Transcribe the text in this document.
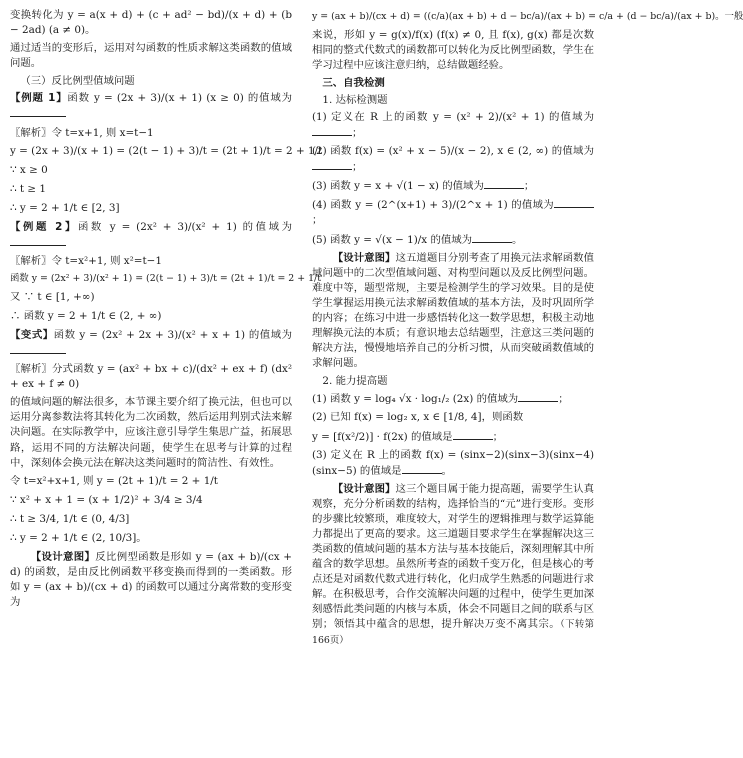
变换转化为 y = a(x + d) + (c + ad² − bd)/(x + d) + (b − 2ad) (a ≠ 0)。

通过适当的变形后，运用对勾函数的性质求解这类函数的值域问题。

（三）反比例型值域问题

【例题 1】函数 y = (2x + 3)/(x + 1) (x ≥ 0) 的值域为

〖解析〗令 t=x+1, 则 x=t−1

y = (2x + 3)/(x + 1) = (2(t − 1) + 3)/t = (2t + 1)/t = 2 + 1/t
∵ x ≥ 0
∴ t ≥ 1
∴ y = 2 + 1/t ∈ [2, 3]

【例题 2】函数 y = (2x² + 3)/(x² + 1) 的值域为

〖解析〗令 t=x²+1, 则 x²=t−1

函数 y = (2x² + 3)/(x² + 1) = (2(t − 1) + 3)/t = (2t + 1)/t = 2 + 1/t
又 ∵ t ∈ [1, +∞)
∴ 函数 y = 2 + 1/t ∈ (2, + ∞)

【变式】函数 y = (2x² + 2x + 3)/(x² + x + 1) 的值域为

〖解析〗分式函数 y = (ax² + bx + c)/(dx² + ex + f) (dx² + ex + f ≠ 0)

的值域问题的解法很多，本节课主要介绍了换元法，但也可以运用分离参数法将其转化为二次函数，然后运用判别式法来解决问题。在实际教学中，应该注意引导学生集思广益，拓展思路，运用不同的方法解决问题，使学生在思考与计算的过程中，深刻体会换元法在解决这类问题时的简洁性、有效性。

令 t=x²+x+1, 则 y = (2t + 1)/t = 2 + 1/t
∵ x² + x + 1 = (x + 1/2)² + 3/4 ≥ 3/4
∴ t ≥ 3/4, 1/t ∈ (0, 4/3]
∴ y = 2 + 1/t ∈ (2, 10/3]。

【设计意图】反比例型函数是形如 y = (ax + b)/(cx + d) 的函数，是由反比例函数平移变换而得到的一类函数。形如 y = (ax + b)/(cx + d) 的函数可以通过分离常数的变形变为

y = (ax + b)/(cx + d) = ((c/a)(ax + b) + d − bc/a)/(ax + b) = c/a + (d − bc/a)/(ax + b)。一般

来说，形如 y = g(x)/f(x) (f(x) ≠ 0, 且 f(x), g(x) 都是次数相同的整式代数式的函数都可以转化为反比例型函数，学生在学习过程中应该注意归纳，总结做题经验。

三、自我检测
1. 达标检测题

(1) 定义在 R 上的函数 y = (x² + 2)/(x² + 1) 的值域为；

(2) 函数 f(x) = (x² + x − 5)/(x − 2), x ∈ (2, ∞) 的值域为；

(3) 函数 y = x + √(1 − x) 的值域为	；

(4) 函数 y = (2^(x+1) + 3)/(2^x + 1) 的值域为；

(5) 函数 y = √(x − 1)/x 的值域为	。

【设计意图】这五道题目分别考查了用换元法求解函数值域问题中的二次型值域问题、对构型问题以及反比例型问题。难度中等，题型常规，主要是检测学生的学习效果。目的是使学生掌握运用换元法求解函数值域的基本方法，及时巩固所学的内容；在练习中进一步感悟转化这一数学思想，积极主动地理解换元法的本质；有意识地去总结题型，注意这三类问题的解决方法，慢慢地培养自己的分析习惯，从而突破函数值域的求解问题。

2. 能力提高题

(1) 函数 y = log₄ √x · log₁/₂ (2x) 的值域为	；

(2) 已知 f(x) = log₂ x, x ∈ [1/8, 4]，则函数

y = [f(x²/2)] · f(2x) 的值域是	；

(3) 定义在 R 上的函数 f(x) = (sinx−2)(sinx−3)(sinx−4)(sinx−5) 的值域是	。

【设计意图】这三个题目属于能力提高题，需要学生认真观察，充分分析函数的结构，选择恰当的“元”进行变形。变形的步骤比较繁琐，难度较大，对学生的逻辑推理与数学运算能力都提出了更高的要求。这三道题目要求学生在掌握解决这三类函数的值域问题的基本方法与基本技能后，深刻理解其中所蕴含的数学思想。虽然所考查的函数千变万化，但是核心的考点还是对函数代数式进行转化，化归成学生熟悉的问题进行求解。在积极思考，合作交流解决问题的过程中，使学生更加深刻感悟此类问题的内核与本质，体会不同题目之间的联系与区别；领悟其中蕴含的思想，提升解决万变不离其宗。（下转第166页）
